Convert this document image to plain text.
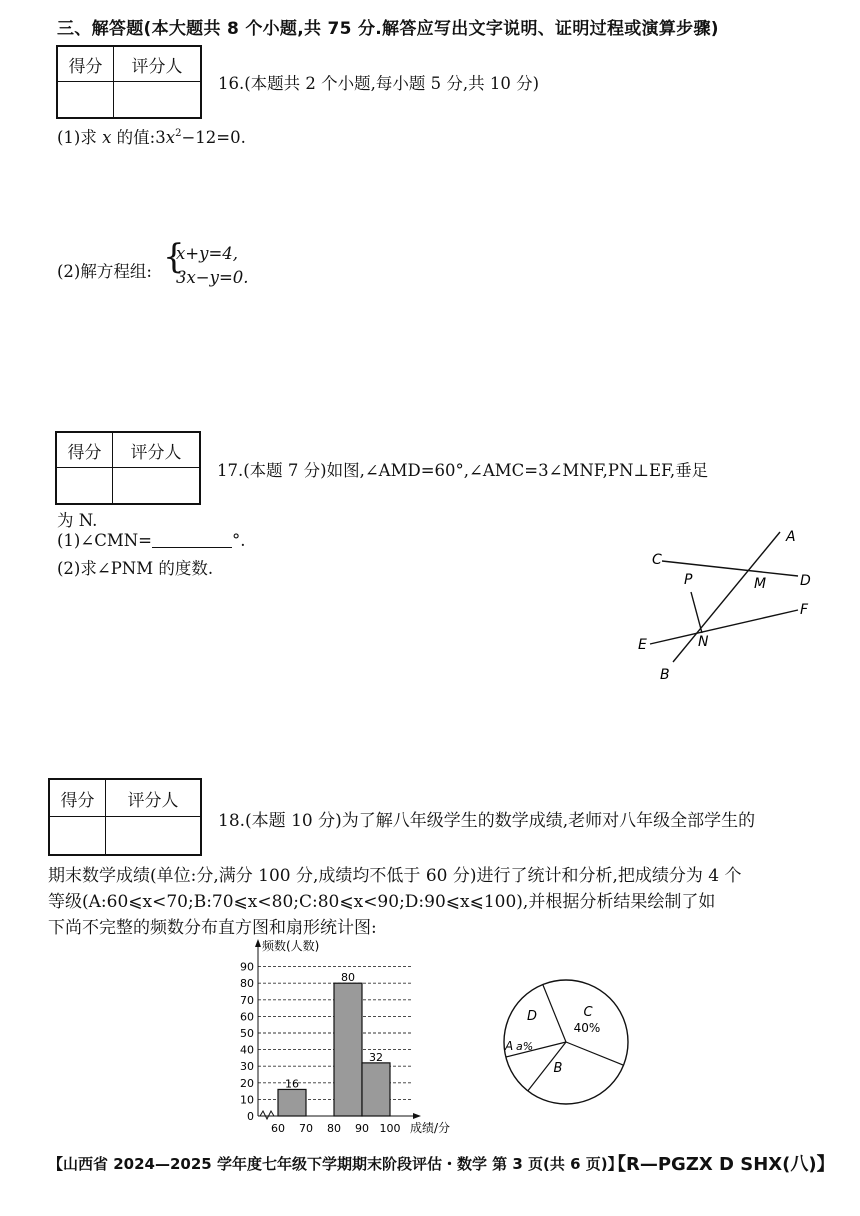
三、解答题(本大题共 8 个小题,共 75 分.解答应写出文字说明、证明过程或演算步骤)
得分	评分人
16.(本题共 2 个小题,每小题 5 分,共 10 分)
(1)求 x 的值$:3x^2-12=0$.
(2)解方程组: {
x+y=4,
3x−y=0.
得分	评分人
17.(本题 7 分)如图,∠AMD=60°,∠AMC=3∠MNF,PN⊥EF,垂足
为 N.
(1)∠CMN=	°.
(2)求∠PNM 的度数.
A
C
D
M
P
F
E	N
B
得分	评分人
18.(本题 10 分)为了解八年级学生的数学成绩,老师对八年级全部学生的
期末数学成绩(单位:分,满分 100 分,成绩均不低于 60 分)进行了统计和分析,把成绩分为 4 个
等级(A:60⩽x<70;B:70⩽x<80;C:80⩽x<90;D:90⩽x⩽100),并根据分析结果绘制了如
下尚不完整的频数分布直方图和扇形统计图:
0
10
20
30
40
50
60
70
80
90
16
80
32
60 70 80 90 100
频数(人数)
成绩/分
C
40%
B
A a%
D
【山西省 2024—2025 学年度七年级下学期期末阶段评估・数学 第 3 页(共 6 页)】
【R—PGZX D SHX(八)】
